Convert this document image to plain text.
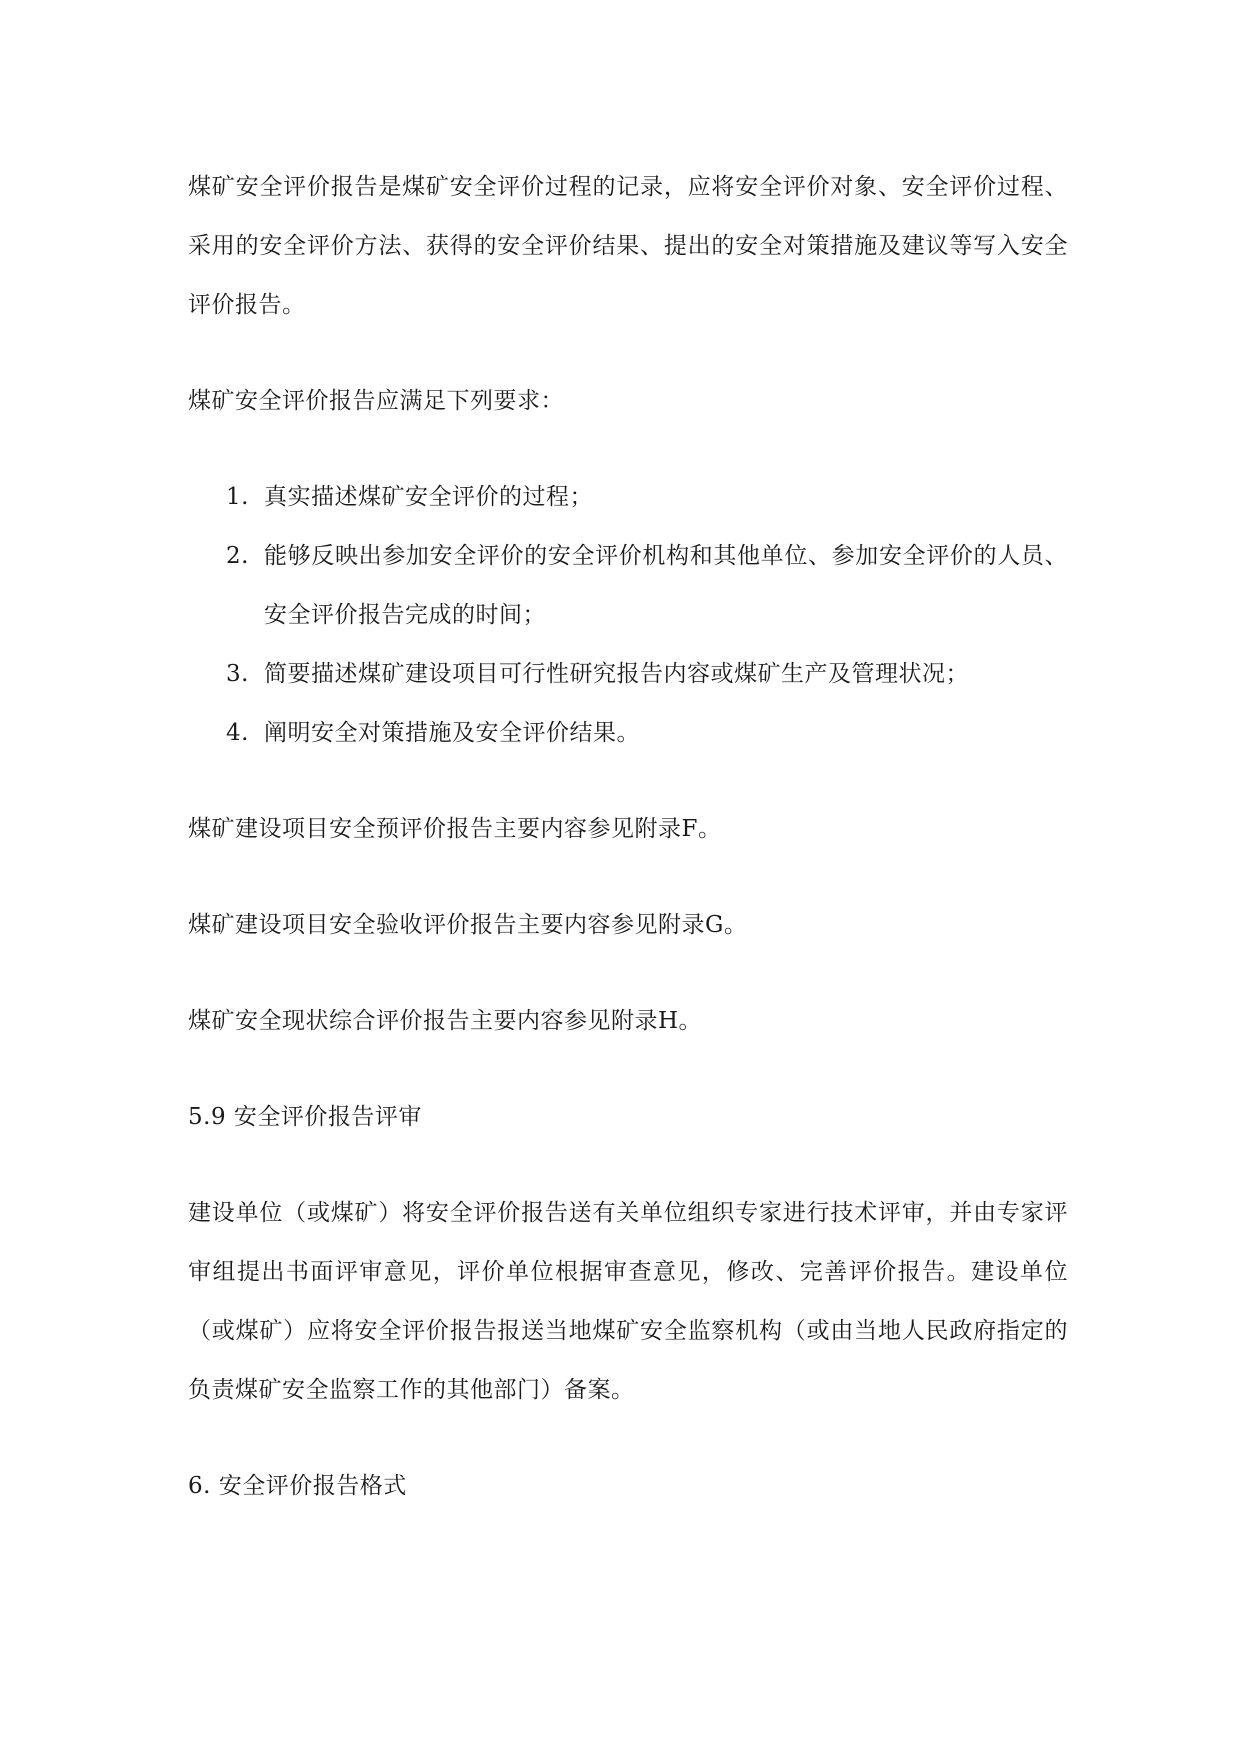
煤矿安全评价报告是煤矿安全评价过程的记录，应将安全评价对象、安全评价过程、采用的安全评价方法、获得的安全评价结果、提出的安全对策措施及建议等写入安全评价报告。

煤矿安全评价报告应满足下列要求：

1. 真实描述煤矿安全评价的过程；
2. 能够反映出参加安全评价的安全评价机构和其他单位、参加安全评价的人员、安全评价报告完成的时间；
3. 简要描述煤矿建设项目可行性研究报告内容或煤矿生产及管理状况；
4. 阐明安全对策措施及安全评价结果。

煤矿建设项目安全预评价报告主要内容参见附录F。

煤矿建设项目安全验收评价报告主要内容参见附录G。

煤矿安全现状综合评价报告主要内容参见附录H。

5.9 安全评价报告评审

建设单位（或煤矿）将安全评价报告送有关单位组织专家进行技术评审，并由专家评审组提出书面评审意见，评价单位根据审查意见，修改、完善评价报告。建设单位（或煤矿）应将安全评价报告报送当地煤矿安全监察机构（或由当地人民政府指定的负责煤矿安全监察工作的其他部门）备案。

6. 安全评价报告格式
